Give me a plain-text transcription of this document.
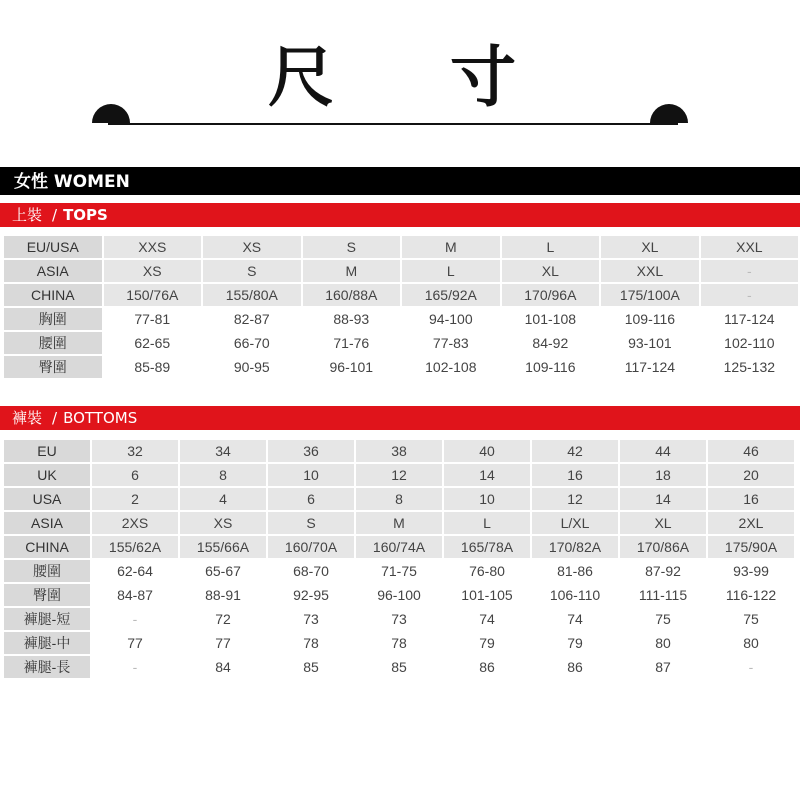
尺 寸
女性 WOMEN
上裝 / TOPS
EU/USA	XXS	XS	S	M	L	XL	XXL
ASIA	XS	S	M	L	XL	XXL	-
CHINA	150/76A	155/80A	160/88A	165/92A	170/96A	175/100A	-
胸圍	77-81	82-87	88-93	94-100	101-108	109-116	117-124
腰圍	62-65	66-70	71-76	77-83	84-92	93-101	102-110
臀圍	85-89	90-95	96-101	102-108	109-116	117-124	125-132
褲裝 / BOTTOMS
EU	32	34	36	38	40	42	44	46
UK	6	8	10	12	14	16	18	20
USA	2	4	6	8	10	12	14	16
ASIA	2XS	XS	S	M	L	L/XL	XL	2XL
CHINA	155/62A	155/66A	160/70A	160/74A	165/78A	170/82A	170/86A	175/90A
腰圍	62-64	65-67	68-70	71-75	76-80	81-86	87-92	93-99
臀圍	84-87	88-91	92-95	96-100	101-105	106-110	111-115	116-122
褲腿-短	-	72	73	73	74	74	75	75
褲腿-中	77	77	78	78	79	79	80	80
褲腿-長	-	84	85	85	86	86	87	-
